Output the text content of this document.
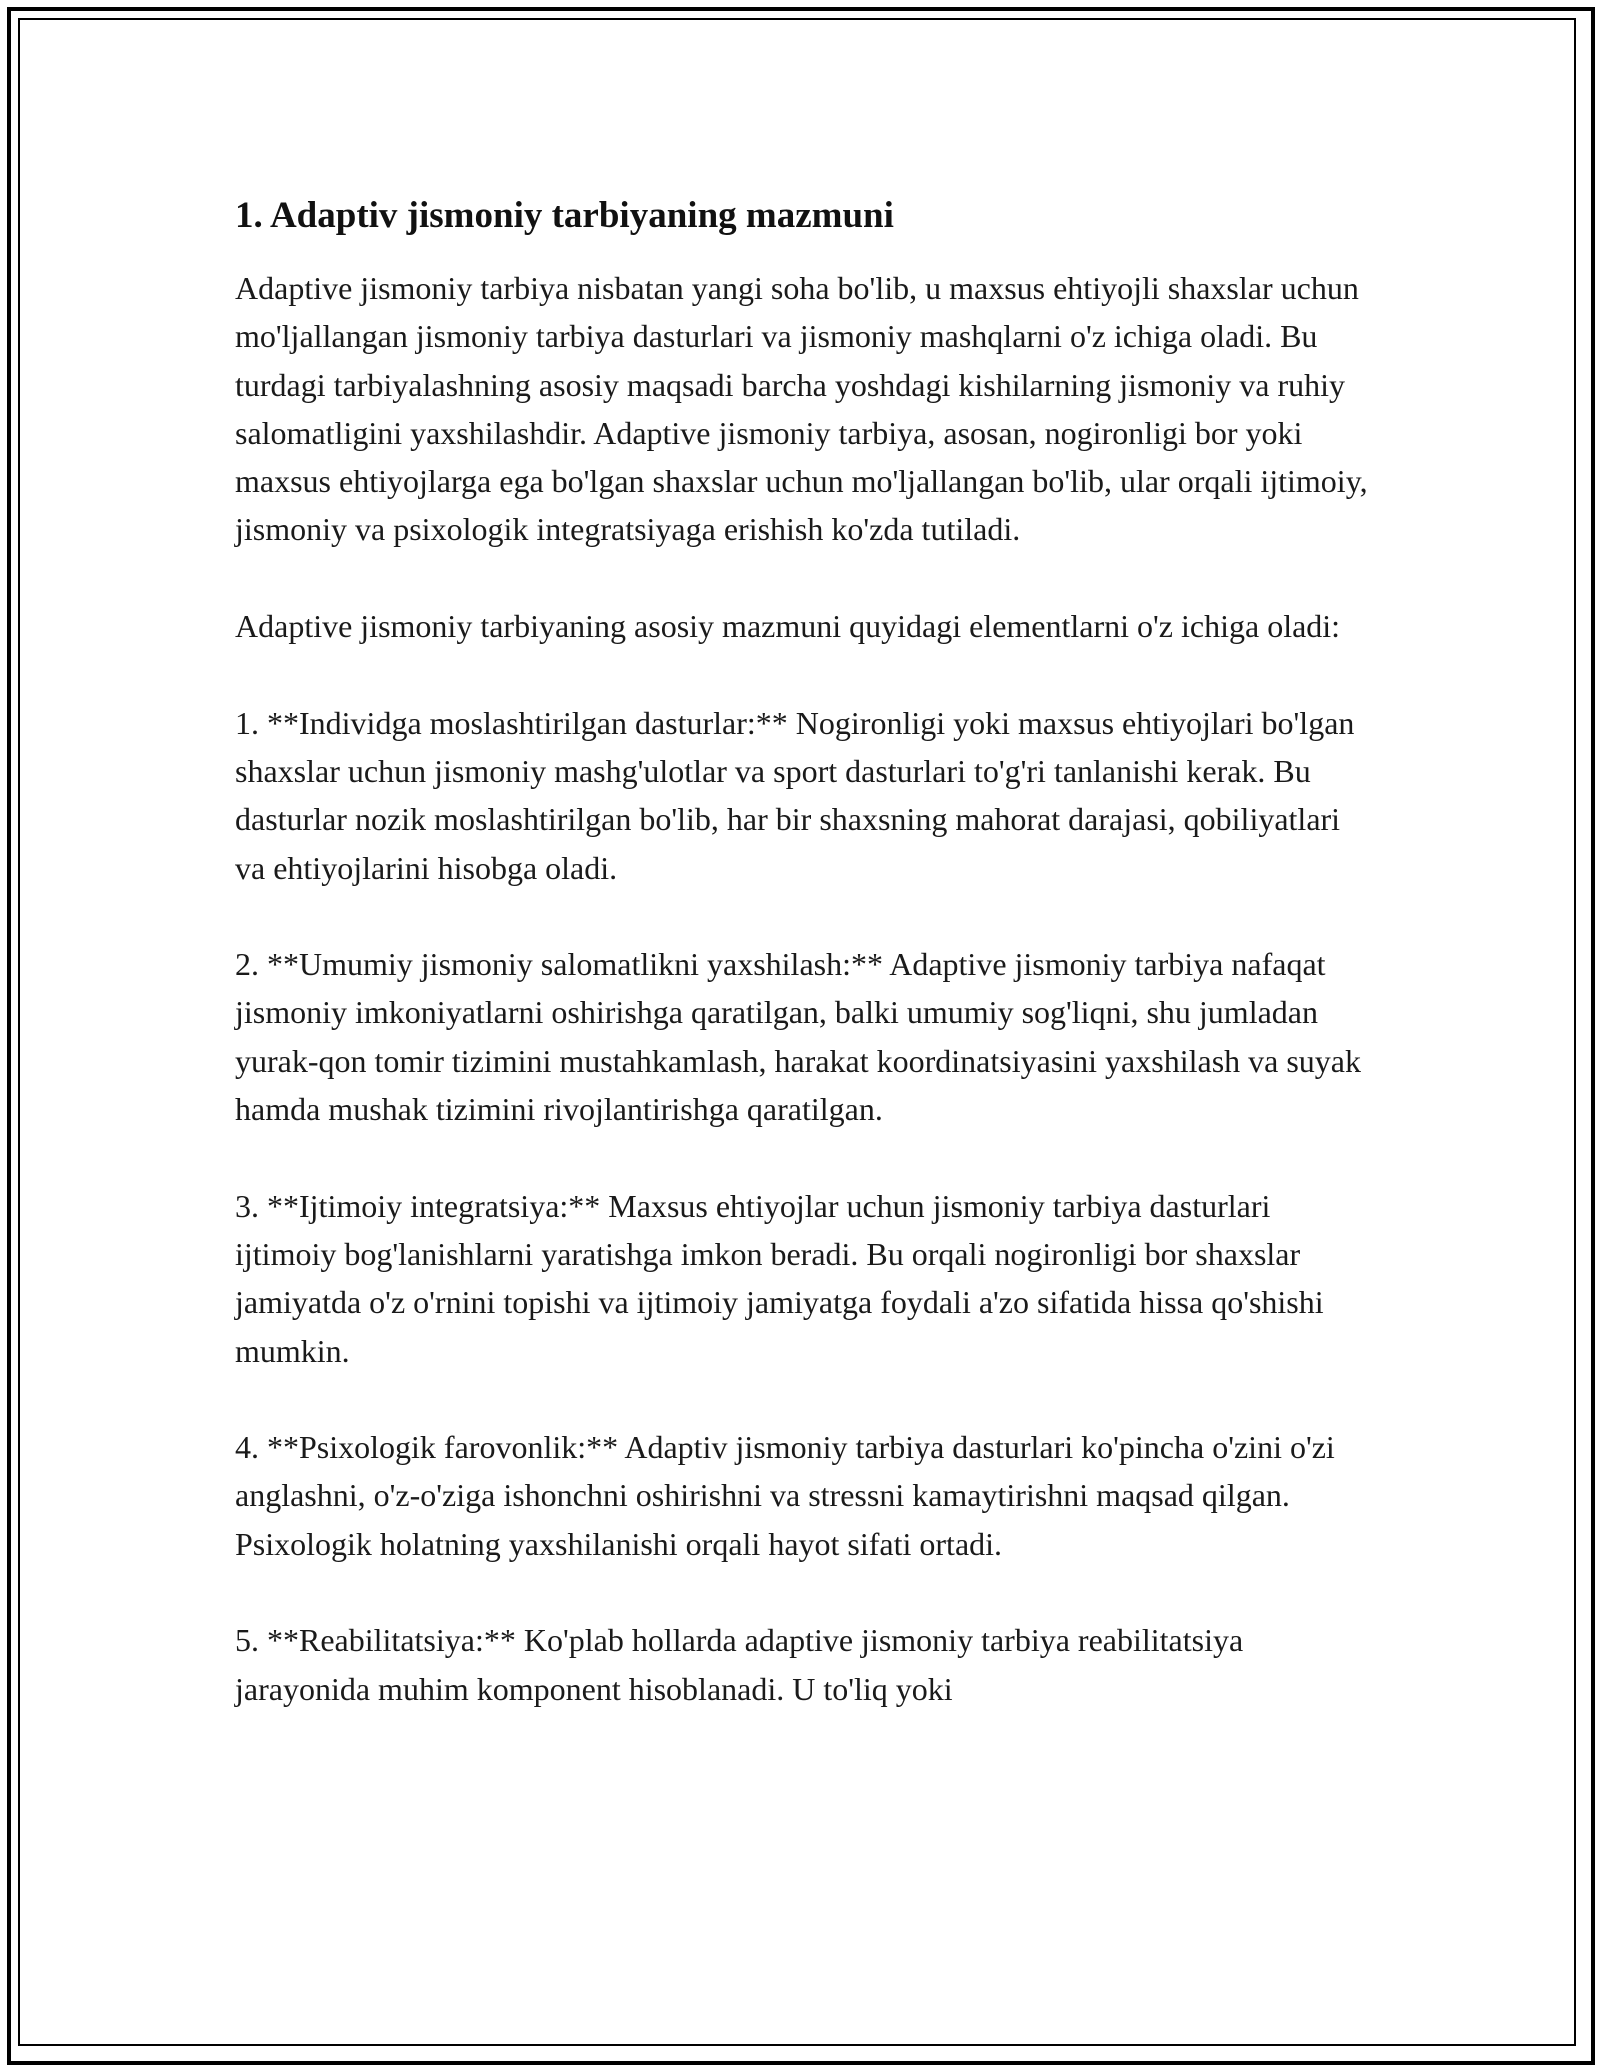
1. Adaptiv jismoniy tarbiyaning mazmuni

Adaptive jismoniy tarbiya nisbatan yangi soha bo'lib, u maxsus ehtiyojli shaxslar uchun mo'ljallangan jismoniy tarbiya dasturlari va jismoniy mashqlarni o'z ichiga oladi. Bu turdagi tarbiyalashning asosiy maqsadi barcha yoshdagi kishilarning jismoniy va ruhiy salomatligini yaxshilashdir. Adaptive jismoniy tarbiya, asosan, nogironligi bor yoki maxsus ehtiyojlarga ega bo'lgan shaxslar uchun mo'ljallangan bo'lib, ular orqali ijtimoiy, jismoniy va psixologik integratsiyaga erishish ko'zda tutiladi.

Adaptive jismoniy tarbiyaning asosiy mazmuni quyidagi elementlarni o'z ichiga oladi:

1. **Individga moslashtirilgan dasturlar:** Nogironligi yoki maxsus ehtiyojlari bo'lgan shaxslar uchun jismoniy mashg'ulotlar va sport dasturlari to'g'ri tanlanishi kerak. Bu dasturlar nozik moslashtirilgan bo'lib, har bir shaxsning mahorat darajasi, qobiliyatlari va ehtiyojlarini hisobga oladi.

2. **Umumiy jismoniy salomatlikni yaxshilash:** Adaptive jismoniy tarbiya nafaqat jismoniy imkoniyatlarni oshirishga qaratilgan, balki umumiy sog'liqni, shu jumladan yurak-qon tomir tizimini mustahkamlash, harakat koordinatsiyasini yaxshilash va suyak hamda mushak tizimini rivojlantirishga qaratilgan.

3. **Ijtimoiy integratsiya:** Maxsus ehtiyojlar uchun jismoniy tarbiya dasturlari ijtimoiy bog'lanishlarni yaratishga imkon beradi. Bu orqali nogironligi bor shaxslar jamiyatda o'z o'rnini topishi va ijtimoiy jamiyatga foydali a'zo sifatida hissa qo'shishi mumkin.

4. **Psixologik farovonlik:** Adaptiv jismoniy tarbiya dasturlari ko'pincha o'zini o'zi anglashni, o'z-o'ziga ishonchni oshirishni va stressni kamaytirishni maqsad qilgan. Psixologik holatning yaxshilanishi orqali hayot sifati ortadi.

5. **Reabilitatsiya:** Ko'plab hollarda adaptive jismoniy tarbiya reabilitatsiya jarayonida muhim komponent hisoblanadi. U to'liq yoki
